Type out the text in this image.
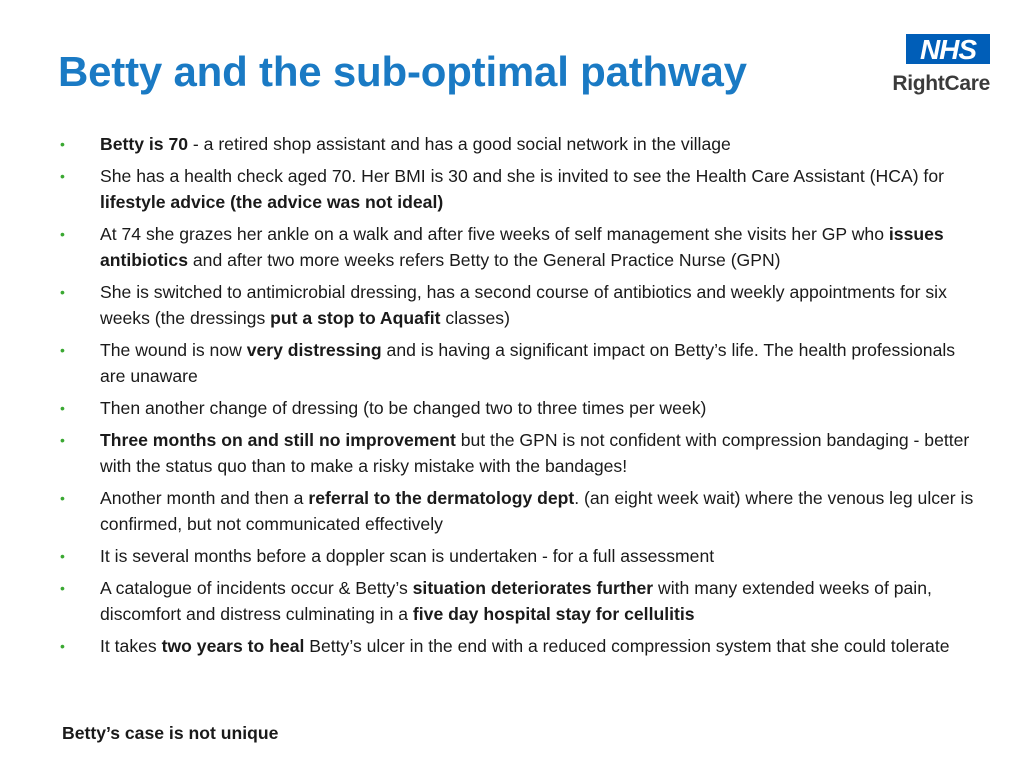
Betty and the sub-optimal pathway	NHS
RightCare
• Betty is 70 - a retired shop assistant and has a good social network in the village
• She has a health check aged 70. Her BMI is 30 and she is invited to see the Health Care Assistant (HCA) for lifestyle advice (the advice was not ideal)
• At 74 she grazes her ankle on a walk and after five weeks of self management she visits her GP who issues antibiotics and after two more weeks refers Betty to the General Practice Nurse (GPN)
• She is switched to antimicrobial dressing, has a second course of antibiotics and weekly appointments for six weeks (the dressings put a stop to Aquafit classes)
• The wound is now very distressing and is having a significant impact on Betty’s life. The health professionals are unaware
• Then another change of dressing (to be changed two to three times per week)
• Three months on and still no improvement but the GPN is not confident with compression bandaging - better with the status quo than to make a risky mistake with the bandages!
• Another month and then a referral to the dermatology dept. (an eight week wait) where the venous leg ulcer is confirmed, but not communicated effectively
• It is several months before a doppler scan is undertaken - for a full assessment
• A catalogue of incidents occur & Betty’s situation deteriorates further with many extended weeks of pain, discomfort and distress culminating in a five day hospital stay for cellulitis
• It takes two years to heal Betty’s ulcer in the end with a reduced compression system that she could tolerate

Betty’s case is not unique
